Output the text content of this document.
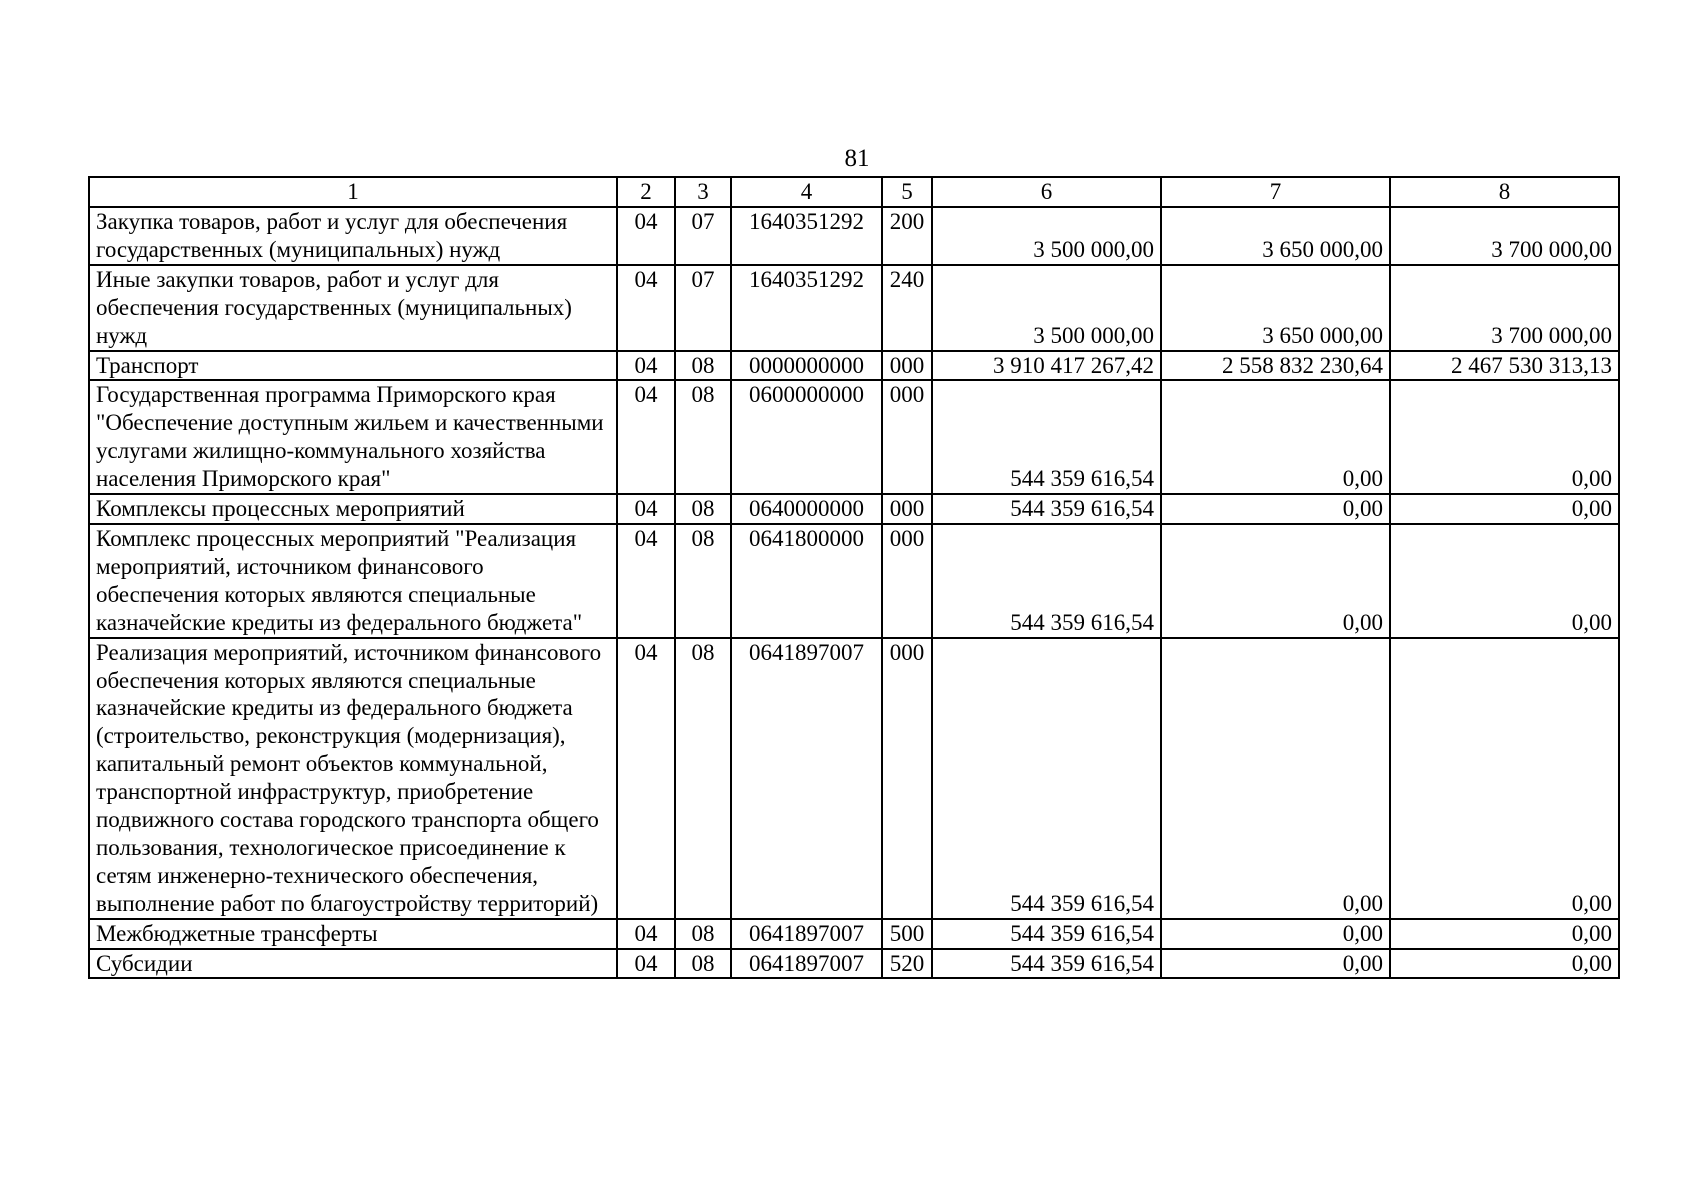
81
1	2	3	4	5	6	7	8
Закупка товаров, работ и услуг для обеспечения государственных (муниципальных) нужд	04	07	1640351292	200	3 500 000,00	3 650 000,00	3 700 000,00
Иные закупки товаров, работ и услуг для обеспечения государственных (муниципальных) нужд	04	07	1640351292	240	3 500 000,00	3 650 000,00	3 700 000,00
Транспорт	04	08	0000000000	000	3 910 417 267,42	2 558 832 230,64	2 467 530 313,13
Государственная программа Приморского края "Обеспечение доступным жильем и качественными услугами жилищно-коммунального хозяйства населения Приморского края"	04	08	0600000000	000	544 359 616,54	0,00	0,00
Комплексы процессных мероприятий	04	08	0640000000	000	544 359 616,54	0,00	0,00
Комплекс процессных мероприятий "Реализация мероприятий, источником финансового обеспечения которых являются специальные казначейские кредиты из федерального бюджета"	04	08	0641800000	000	544 359 616,54	0,00	0,00
Реализация мероприятий, источником финансового обеспечения которых являются специальные казначейские кредиты из федерального бюджета (строительство, реконструкция (модернизация), капитальный ремонт объектов коммунальной, транспортной инфраструктур, приобретение подвижного состава городского транспорта общего пользования, технологическое присоединение к сетям инженерно-технического обеспечения, выполнение работ по благоустройству территорий)	04	08	0641897007	000	544 359 616,54	0,00	0,00
Межбюджетные трансферты	04	08	0641897007	500	544 359 616,54	0,00	0,00
Субсидии	04	08	0641897007	520	544 359 616,54	0,00	0,00
